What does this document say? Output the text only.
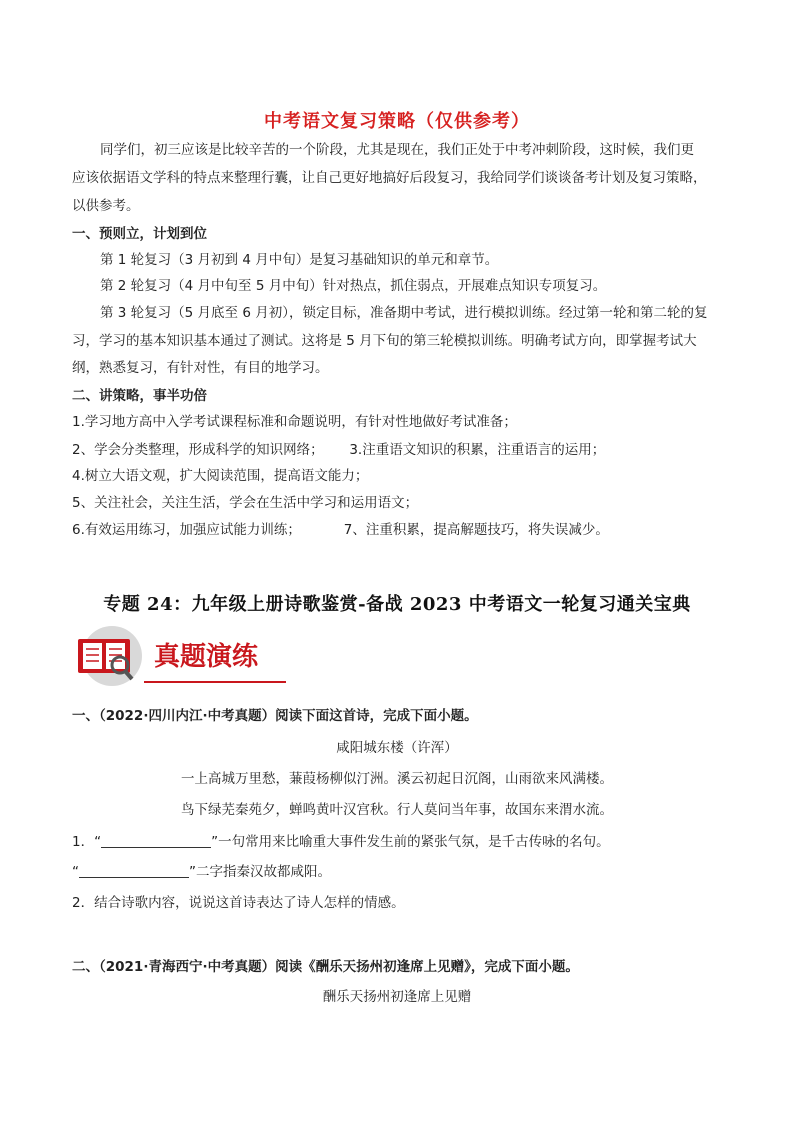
中考语文复习策略（仅供参考）
同学们，初三应该是比较辛苦的一个阶段，尤其是现在，我们正处于中考冲刺阶段，这时候，我们更
应该依据语文学科的特点来整理行囊，让自己更好地搞好后段复习，我给同学们谈谈备考计划及复习策略，
以供参考。
一、预则立，计划到位
第 1 轮复习（3 月初到 4 月中旬）是复习基础知识的单元和章节。
第 2 轮复习（4 月中旬至 5 月中旬）针对热点，抓住弱点，开展难点知识专项复习。
第 3 轮复习（5 月底至 6 月初），锁定目标，准备期中考试，进行模拟训练。经过第一轮和第二轮的复
习，学习的基本知识基本通过了测试。这将是 5 月下旬的第三轮模拟训练。明确考试方向，即掌握考试大
纲，熟悉复习，有针对性，有目的地学习。
二、讲策略，事半功倍
1.学习地方高中入学考试课程标准和命题说明，有针对性地做好考试准备；
2、学会分类整理，形成科学的知识网络；      3.注重语文知识的积累，注重语言的运用；
4.树立大语文观，扩大阅读范围，提高语文能力；
5、关注社会，关注生活，学会在生活中学习和运用语文；
6.有效运用练习，加强应试能力训练；          7、注重积累，提高解题技巧，将失误减少。
专题 24：九年级上册诗歌鉴赏-备战 2023 中考语文一轮复习通关宝典
真题演练
一、（2022·四川内江·中考真题）阅读下面这首诗，完成下面小题。
咸阳城东楼（许浑）
一上高城万里愁，蒹葭杨柳似汀洲。溪云初起日沉阁，山雨欲来风满楼。
鸟下绿芜秦苑夕，蝉鸣黄叶汉宫秋。行人莫问当年事，故国东来渭水流。
1．“	”一句常用来比喻重大事件发生前的紧张气氛，是千古传咏的名句。
“	”二字指秦汉故都咸阳。
2．结合诗歌内容，说说这首诗表达了诗人怎样的情感。
二、（2021·青海西宁·中考真题）阅读《酬乐天扬州初逢席上见赠》，完成下面小题。
酬乐天扬州初逢席上见赠
